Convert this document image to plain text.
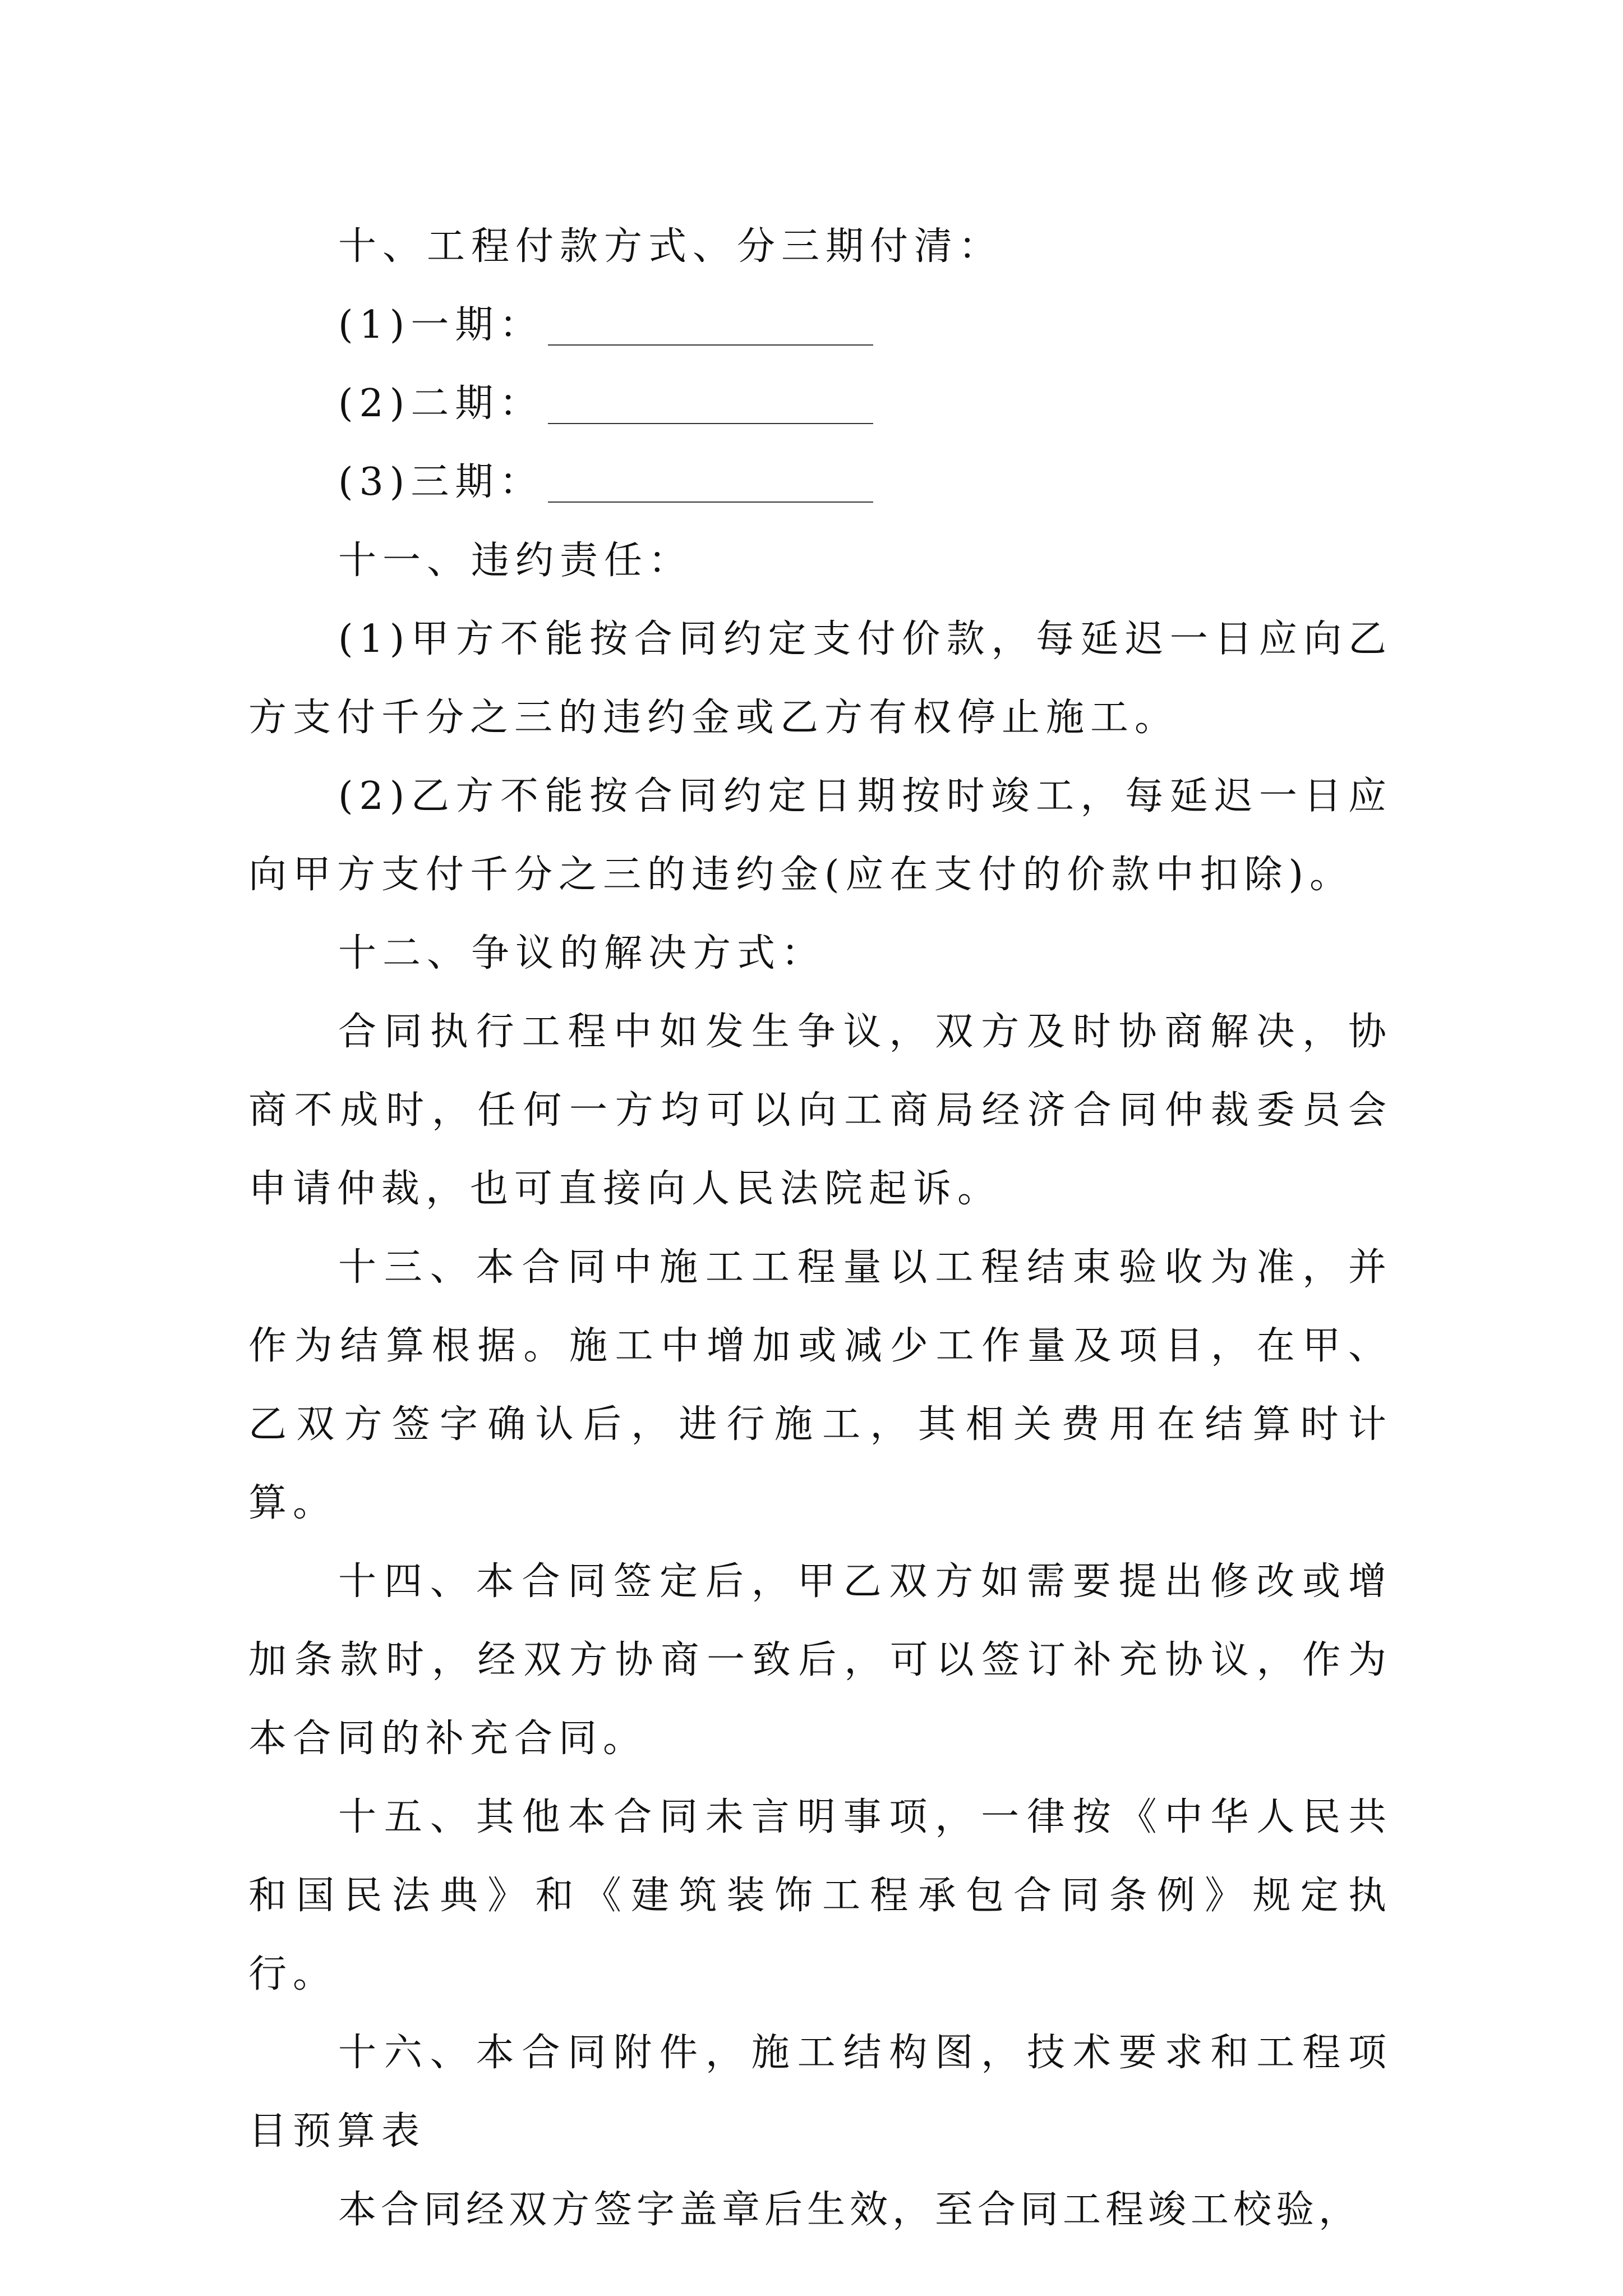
十、工程付款方式、分三期付清：

(1)一期：

(2)二期：

(3)三期：

十一、违约责任：

(1)甲方不能按合同约定支付价款，每延迟一日应向乙方支付千分之三的违约金或乙方有权停止施工。

(2)乙方不能按合同约定日期按时竣工，每延迟一日应向甲方支付千分之三的违约金(应在支付的价款中扣除)。

十二、争议的解决方式：

合同执行工程中如发生争议，双方及时协商解决，协商不成时，任何一方均可以向工商局经济合同仲裁委员会申请仲裁，也可直接向人民法院起诉。

十三、本合同中施工工程量以工程结束验收为准，并作为结算根据。施工中增加或减少工作量及项目，在甲、乙双方签字确认后，进行施工，其相关费用在结算时计算。

十四、本合同签定后，甲乙双方如需要提出修改或增加条款时，经双方协商一致后，可以签订补充协议，作为本合同的补充合同。

十五、其他本合同未言明事项，一律按《中华人民共和国民法典》和《建筑装饰工程承包合同条例》规定执行。

十六、本合同附件，施工结构图，技术要求和工程项目预算表

本合同经双方签字盖章后生效，至合同工程竣工校验，
